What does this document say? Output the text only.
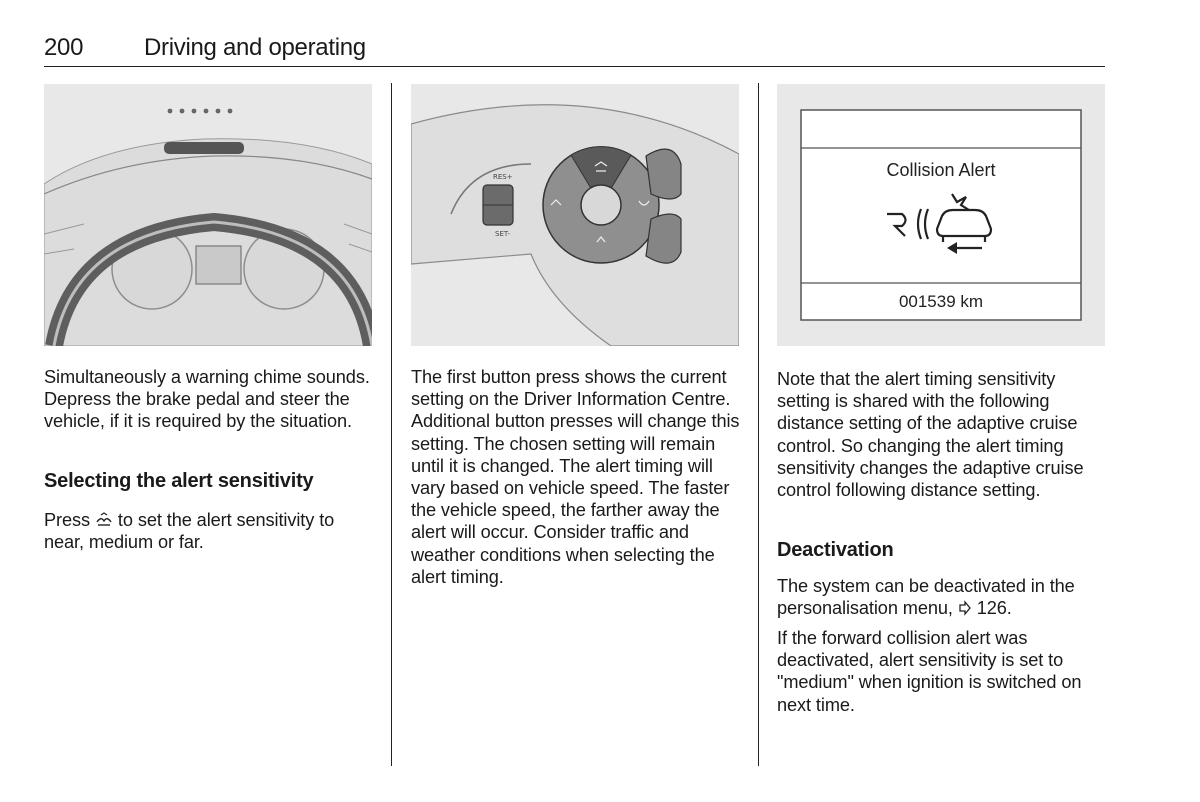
200	Driving and operating

Simultaneously a warning chime sounds. Depress the brake pedal and steer the vehicle, if it is required by the situation.

Selecting the alert sensitivity

Press to set the alert sensitivity to near, medium or far.

RES+
SET-

The first button press shows the current setting on the Driver Information Centre. Additional button presses will change this setting. The chosen setting will remain until it is changed. The alert timing will vary based on vehicle speed. The faster the vehicle speed, the farther away the alert will occur. Consider traffic and weather conditions when selecting the alert timing.

Collision Alert
001539 km

Note that the alert timing sensitivity setting is shared with the following distance setting of the adaptive cruise control. So changing the alert timing sensitivity changes the adaptive cruise control following distance setting.

Deactivation

The system can be deactivated in the personalisation menu, 126.

If the forward collision alert was deactivated, alert sensitivity is set to "medium" when ignition is switched on next time.
